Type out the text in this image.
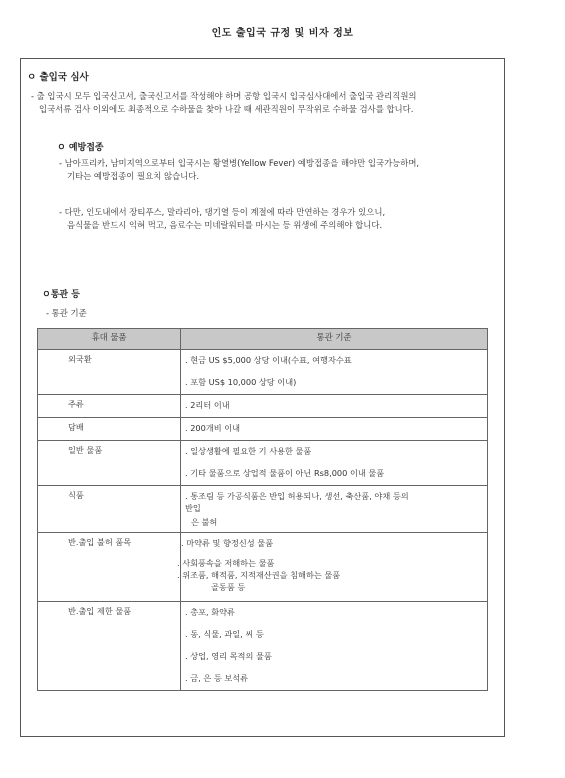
인도 출입국 규정 및 비자 정보
ㅇ 출입국 심사
- 출 입국시 모두 입국신고서, 출국신고서를 작성해야 하며 공항 입국시 입국심사대에서 출입국 관리직원의
입국서류 검사 이외에도 최종적으로 수하물을 찾아 나갈 때 세관직원이 무작위로 수하물 검사를 합니다.
ㅇ 예방접종
- 남아프리카, 남미지역으로부터 입국시는 황열병(Yellow Fever) 예방접종을 해야만 입국가능하며,
기타는 예방접종이 필요치 않습니다.
- 다만, 인도내에서 장티푸스, 말라리아, 댕기열 등이 계절에 따라 만연하는 경우가 있으니,
음식물을 반드시 익혀 먹고, 음료수는 미네랄워터를 마시는 등 위생에 주의해야 합니다.
ㅇ통관 등
- 통관 기준
휴대 물품	통관 기준
외국환	. 현금 US $5,000 상당 이내(수표, 여행자수표
. 포함 US$ 10,000 상당 이내)

주류	. 2리터 이내

담배	. 200개비 이내

일반 물품	. 일상생활에 필요한 기 사용한 물품
. 기타 물품으로 상업적 물품이 아닌 Rs8,000 이내 물품

식품	. 통조림 등 가공식품은 반입 허용되나, 생선, 축산품, 야채 등의
반입
은 불허

반.출입 불허 품목	. 마약류 및 향정신성 물품
. 사회풍속을 저해하는 물품
. 위조품, 해적품, 지적재산권을 침해하는 물품
골동품 등

반.출입 제한 물품	. 총포, 화약류
. 동, 식물, 과일, 씨 등
. 상업, 영리 목적의 물품
. 금, 은 등 보석류
